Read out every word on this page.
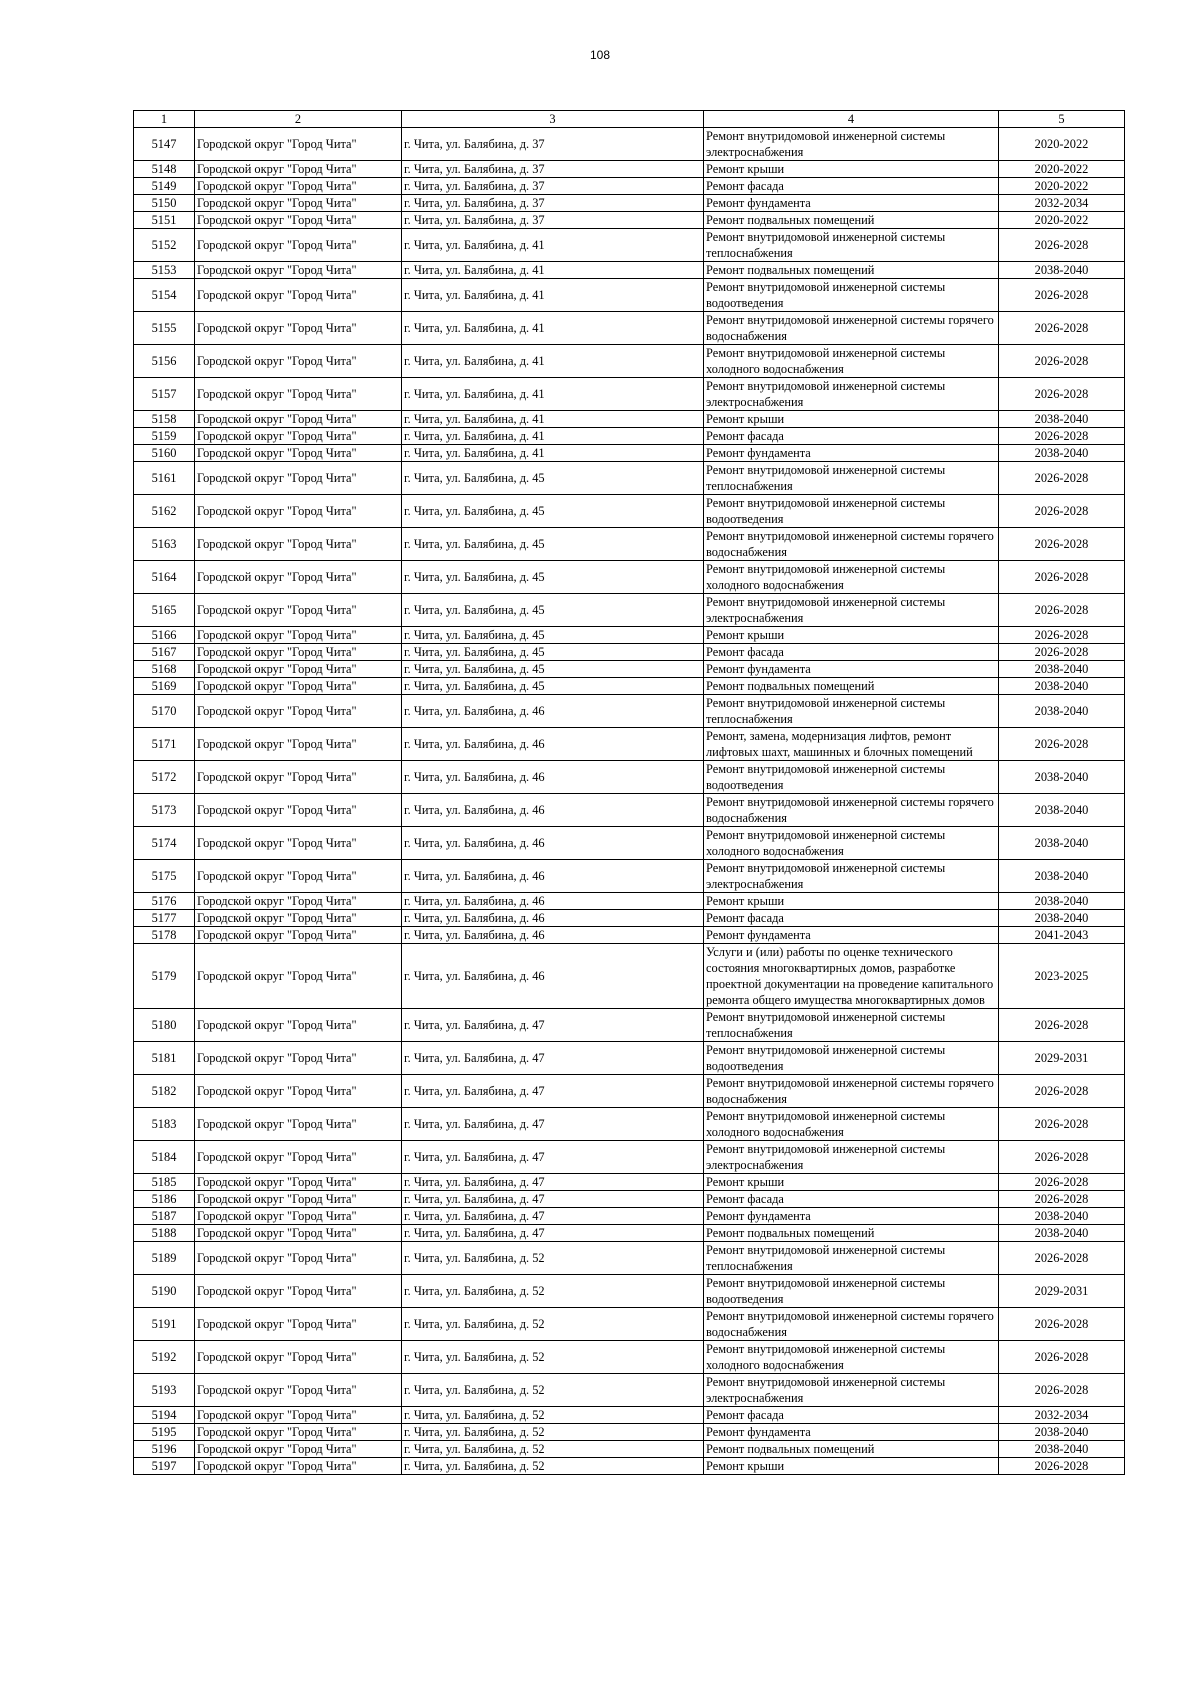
108
1	2	3	4	5
5147	Городской округ "Город Чита"	г. Чита, ул. Балябина, д. 37	Ремонт внутридомовой инженерной системы электроснабжения	2020-2022
5148	Городской округ "Город Чита"	г. Чита, ул. Балябина, д. 37	Ремонт крыши	2020-2022
5149	Городской округ "Город Чита"	г. Чита, ул. Балябина, д. 37	Ремонт фасада	2020-2022
5150	Городской округ "Город Чита"	г. Чита, ул. Балябина, д. 37	Ремонт фундамента	2032-2034
5151	Городской округ "Город Чита"	г. Чита, ул. Балябина, д. 37	Ремонт подвальных помещений	2020-2022
5152	Городской округ "Город Чита"	г. Чита, ул. Балябина, д. 41	Ремонт внутридомовой инженерной системы теплоснабжения	2026-2028
5153	Городской округ "Город Чита"	г. Чита, ул. Балябина, д. 41	Ремонт подвальных помещений	2038-2040
5154	Городской округ "Город Чита"	г. Чита, ул. Балябина, д. 41	Ремонт внутридомовой инженерной системы водоотведения	2026-2028
5155	Городской округ "Город Чита"	г. Чита, ул. Балябина, д. 41	Ремонт внутридомовой инженерной системы горячего водоснабжения	2026-2028
5156	Городской округ "Город Чита"	г. Чита, ул. Балябина, д. 41	Ремонт внутридомовой инженерной системы холодного водоснабжения	2026-2028
5157	Городской округ "Город Чита"	г. Чита, ул. Балябина, д. 41	Ремонт внутридомовой инженерной системы электроснабжения	2026-2028
5158	Городской округ "Город Чита"	г. Чита, ул. Балябина, д. 41	Ремонт крыши	2038-2040
5159	Городской округ "Город Чита"	г. Чита, ул. Балябина, д. 41	Ремонт фасада	2026-2028
5160	Городской округ "Город Чита"	г. Чита, ул. Балябина, д. 41	Ремонт фундамента	2038-2040
5161	Городской округ "Город Чита"	г. Чита, ул. Балябина, д. 45	Ремонт внутридомовой инженерной системы теплоснабжения	2026-2028
5162	Городской округ "Город Чита"	г. Чита, ул. Балябина, д. 45	Ремонт внутридомовой инженерной системы водоотведения	2026-2028
5163	Городской округ "Город Чита"	г. Чита, ул. Балябина, д. 45	Ремонт внутридомовой инженерной системы горячего водоснабжения	2026-2028
5164	Городской округ "Город Чита"	г. Чита, ул. Балябина, д. 45	Ремонт внутридомовой инженерной системы холодного водоснабжения	2026-2028
5165	Городской округ "Город Чита"	г. Чита, ул. Балябина, д. 45	Ремонт внутридомовой инженерной системы электроснабжения	2026-2028
5166	Городской округ "Город Чита"	г. Чита, ул. Балябина, д. 45	Ремонт крыши	2026-2028
5167	Городской округ "Город Чита"	г. Чита, ул. Балябина, д. 45	Ремонт фасада	2026-2028
5168	Городской округ "Город Чита"	г. Чита, ул. Балябина, д. 45	Ремонт фундамента	2038-2040
5169	Городской округ "Город Чита"	г. Чита, ул. Балябина, д. 45	Ремонт подвальных помещений	2038-2040
5170	Городской округ "Город Чита"	г. Чита, ул. Балябина, д. 46	Ремонт внутридомовой инженерной системы теплоснабжения	2038-2040
5171	Городской округ "Город Чита"	г. Чита, ул. Балябина, д. 46	Ремонт, замена, модернизация лифтов, ремонт лифтовых шахт, машинных и блочных помещений	2026-2028
5172	Городской округ "Город Чита"	г. Чита, ул. Балябина, д. 46	Ремонт внутридомовой инженерной системы водоотведения	2038-2040
5173	Городской округ "Город Чита"	г. Чита, ул. Балябина, д. 46	Ремонт внутридомовой инженерной системы горячего водоснабжения	2038-2040
5174	Городской округ "Город Чита"	г. Чита, ул. Балябина, д. 46	Ремонт внутридомовой инженерной системы холодного водоснабжения	2038-2040
5175	Городской округ "Город Чита"	г. Чита, ул. Балябина, д. 46	Ремонт внутридомовой инженерной системы электроснабжения	2038-2040
5176	Городской округ "Город Чита"	г. Чита, ул. Балябина, д. 46	Ремонт крыши	2038-2040
5177	Городской округ "Город Чита"	г. Чита, ул. Балябина, д. 46	Ремонт фасада	2038-2040
5178	Городской округ "Город Чита"	г. Чита, ул. Балябина, д. 46	Ремонт фундамента	2041-2043
5179	Городской округ "Город Чита"	г. Чита, ул. Балябина, д. 46	Услуги и (или) работы по оценке технического состояния многоквартирных домов, разработке проектной документации на проведение капитального ремонта общего имущества многоквартирных домов	2023-2025
5180	Городской округ "Город Чита"	г. Чита, ул. Балябина, д. 47	Ремонт внутридомовой инженерной системы теплоснабжения	2026-2028
5181	Городской округ "Город Чита"	г. Чита, ул. Балябина, д. 47	Ремонт внутридомовой инженерной системы водоотведения	2029-2031
5182	Городской округ "Город Чита"	г. Чита, ул. Балябина, д. 47	Ремонт внутридомовой инженерной системы горячего водоснабжения	2026-2028
5183	Городской округ "Город Чита"	г. Чита, ул. Балябина, д. 47	Ремонт внутридомовой инженерной системы холодного водоснабжения	2026-2028
5184	Городской округ "Город Чита"	г. Чита, ул. Балябина, д. 47	Ремонт внутридомовой инженерной системы электроснабжения	2026-2028
5185	Городской округ "Город Чита"	г. Чита, ул. Балябина, д. 47	Ремонт крыши	2026-2028
5186	Городской округ "Город Чита"	г. Чита, ул. Балябина, д. 47	Ремонт фасада	2026-2028
5187	Городской округ "Город Чита"	г. Чита, ул. Балябина, д. 47	Ремонт фундамента	2038-2040
5188	Городской округ "Город Чита"	г. Чита, ул. Балябина, д. 47	Ремонт подвальных помещений	2038-2040
5189	Городской округ "Город Чита"	г. Чита, ул. Балябина, д. 52	Ремонт внутридомовой инженерной системы теплоснабжения	2026-2028
5190	Городской округ "Город Чита"	г. Чита, ул. Балябина, д. 52	Ремонт внутридомовой инженерной системы водоотведения	2029-2031
5191	Городской округ "Город Чита"	г. Чита, ул. Балябина, д. 52	Ремонт внутридомовой инженерной системы горячего водоснабжения	2026-2028
5192	Городской округ "Город Чита"	г. Чита, ул. Балябина, д. 52	Ремонт внутридомовой инженерной системы холодного водоснабжения	2026-2028
5193	Городской округ "Город Чита"	г. Чита, ул. Балябина, д. 52	Ремонт внутридомовой инженерной системы электроснабжения	2026-2028
5194	Городской округ "Город Чита"	г. Чита, ул. Балябина, д. 52	Ремонт фасада	2032-2034
5195	Городской округ "Город Чита"	г. Чита, ул. Балябина, д. 52	Ремонт фундамента	2038-2040
5196	Городской округ "Город Чита"	г. Чита, ул. Балябина, д. 52	Ремонт подвальных помещений	2038-2040
5197	Городской округ "Город Чита"	г. Чита, ул. Балябина, д. 52	Ремонт крыши	2026-2028
